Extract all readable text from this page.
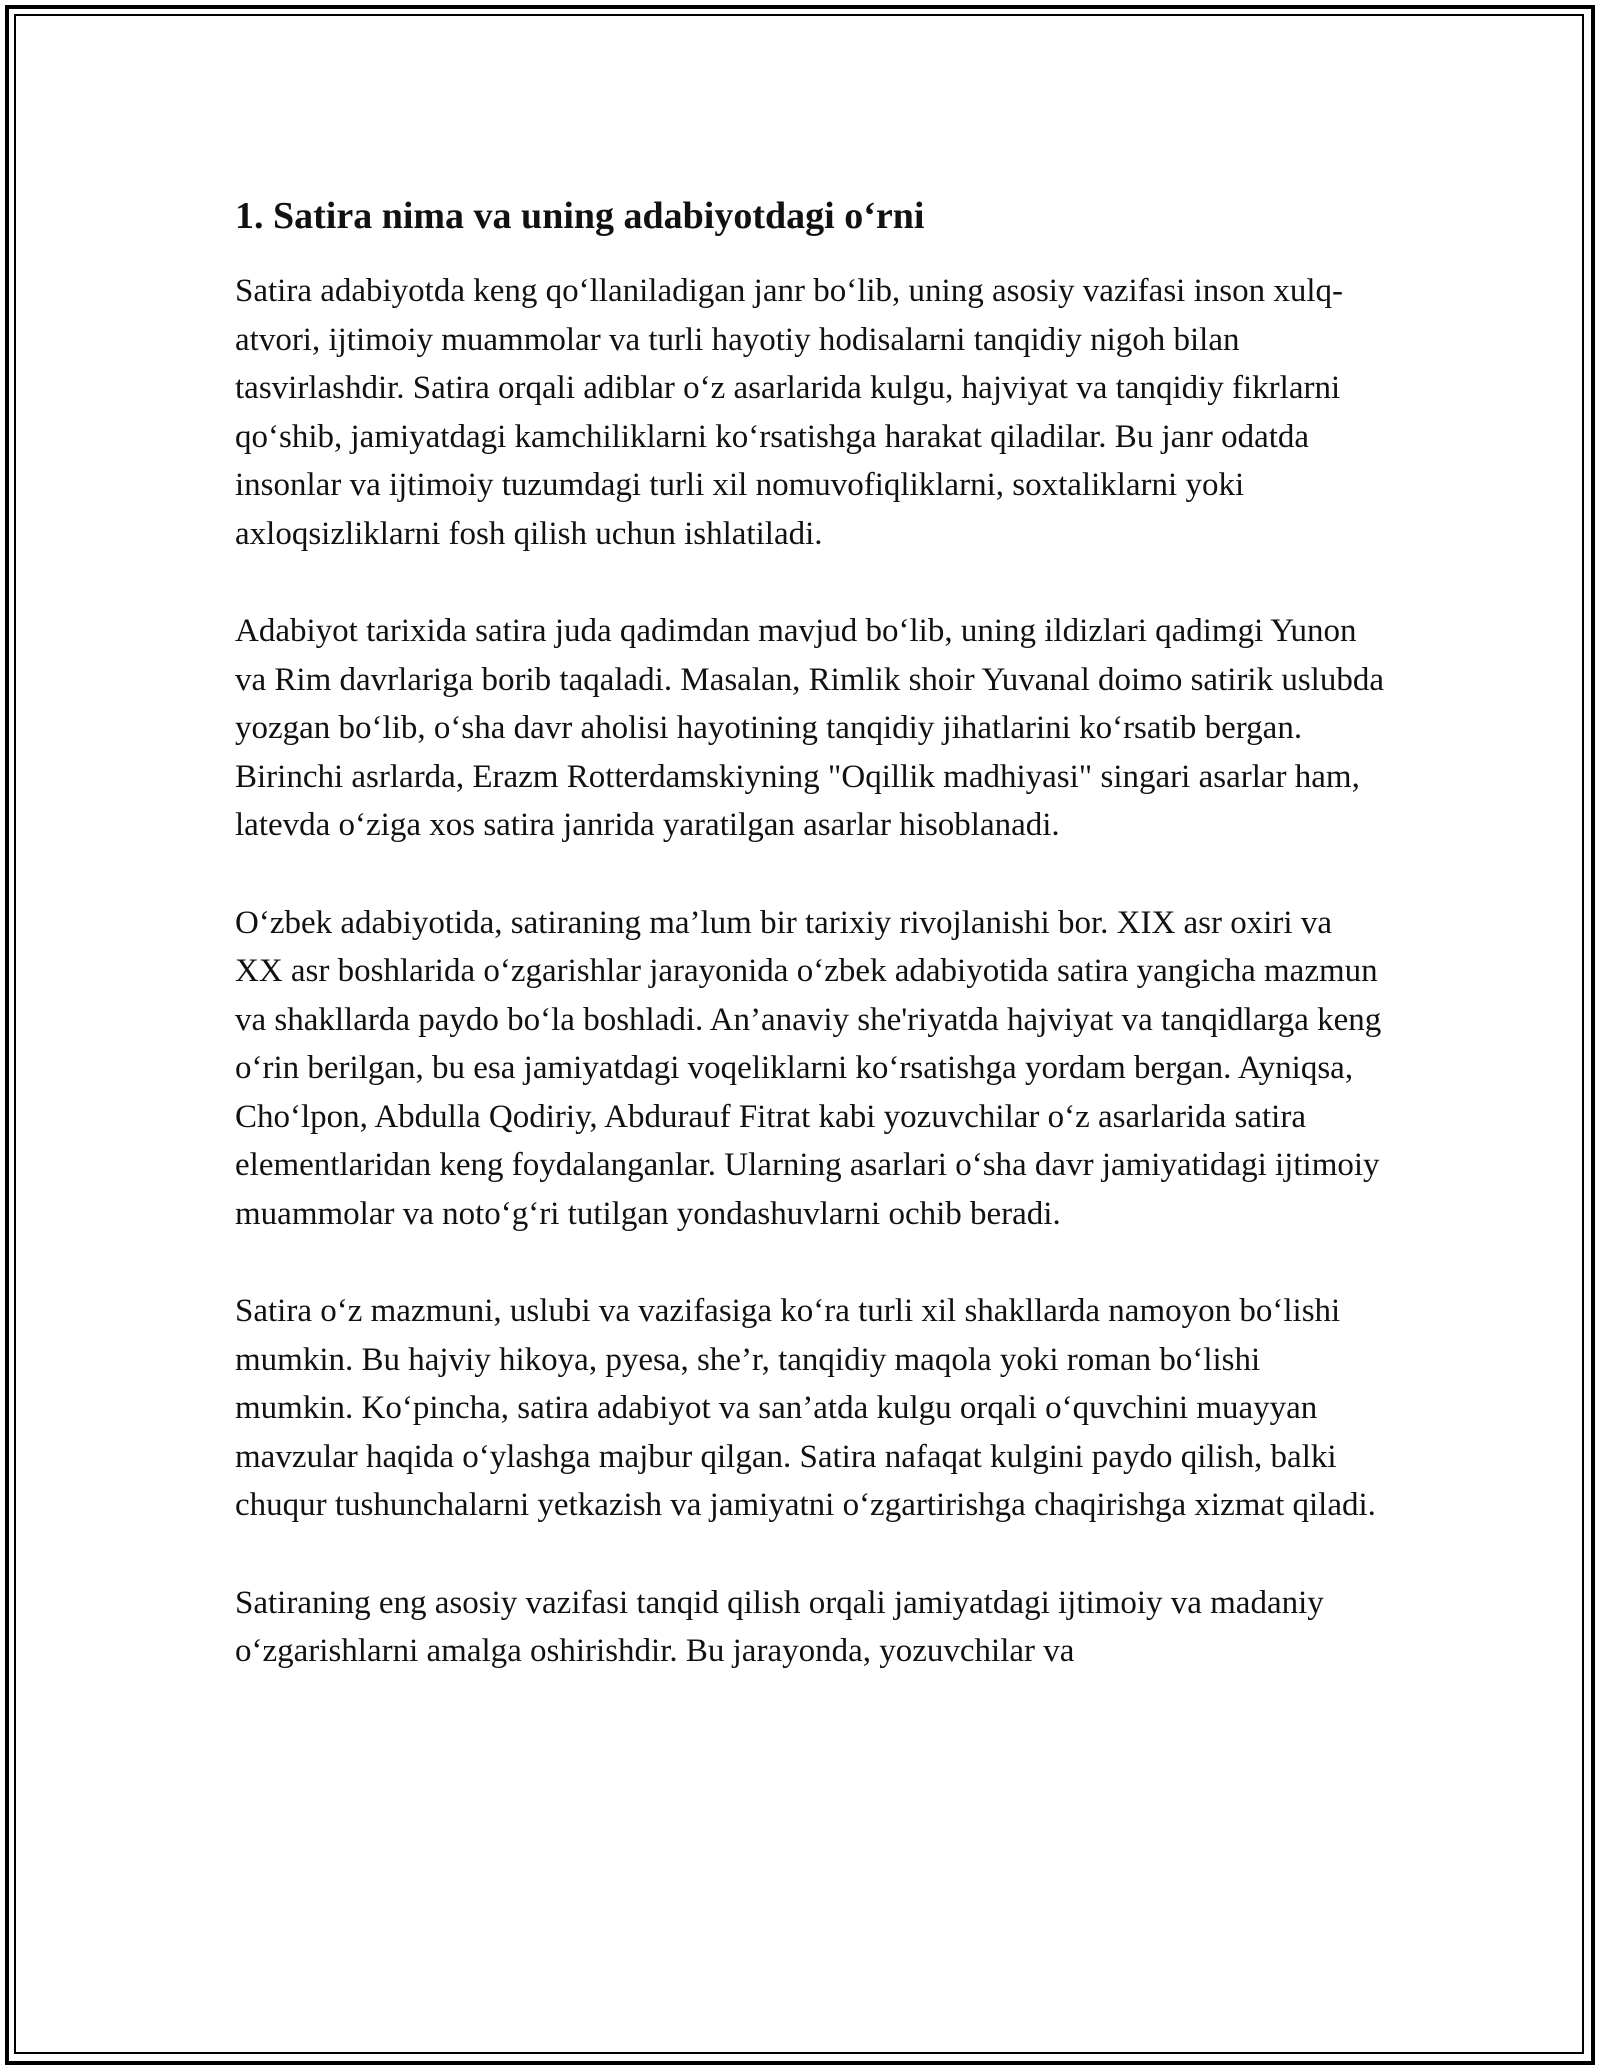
1. Satira nima va uning adabiyotdagi o‘rni

Satira adabiyotda keng qo‘llaniladigan janr bo‘lib, uning asosiy vazifasi inson xulq-atvori, ijtimoiy muammolar va turli hayotiy hodisalarni tanqidiy nigoh bilan tasvirlashdir. Satira orqali adiblar o‘z asarlarida kulgu, hajviyat va tanqidiy fikrlarni qo‘shib, jamiyatdagi kamchiliklarni ko‘rsatishga harakat qiladilar. Bu janr odatda insonlar va ijtimoiy tuzumdagi turli xil nomuvofiqliklarni, soxtaliklarni yoki axloqsizliklarni fosh qilish uchun ishlatiladi.

Adabiyot tarixida satira juda qadimdan mavjud bo‘lib, uning ildizlari qadimgi Yunon va Rim davrlariga borib taqaladi. Masalan, Rimlik shoir Yuvanal doimo satirik uslubda yozgan bo‘lib, o‘sha davr aholisi hayotining tanqidiy jihatlarini ko‘rsatib bergan. Birinchi asrlarda, Erazm Rotterdamskiyning "Oqillik madhiyasi" singari asarlar ham, latevda o‘ziga xos satira janrida yaratilgan asarlar hisoblanadi.

O‘zbek adabiyotida, satiraning ma’lum bir tarixiy rivojlanishi bor. XIX asr oxiri va XX asr boshlarida o‘zgarishlar jarayonida o‘zbek adabiyotida satira yangicha mazmun va shakllarda paydo bo‘la boshladi. An’anaviy she'riyatda hajviyat va tanqidlarga keng o‘rin berilgan, bu esa jamiyatdagi voqeliklarni ko‘rsatishga yordam bergan. Ayniqsa, Cho‘lpon, Abdulla Qodiriy, Abdurauf Fitrat kabi yozuvchilar o‘z asarlarida satira elementlaridan keng foydalanganlar. Ularning asarlari o‘sha davr jamiyatidagi ijtimoiy muammolar va noto‘g‘ri tutilgan yondashuvlarni ochib beradi.

Satira o‘z mazmuni, uslubi va vazifasiga ko‘ra turli xil shakllarda namoyon bo‘lishi mumkin. Bu hajviy hikoya, pyesa, she’r, tanqidiy maqola yoki roman bo‘lishi mumkin. Ko‘pincha, satira adabiyot va san’atda kulgu orqali o‘quvchini muayyan mavzular haqida o‘ylashga majbur qilgan. Satira nafaqat kulgini paydo qilish, balki chuqur tushunchalarni yetkazish va jamiyatni o‘zgartirishga chaqirishga xizmat qiladi.

Satiraning eng asosiy vazifasi tanqid qilish orqali jamiyatdagi ijtimoiy va madaniy o‘zgarishlarni amalga oshirishdir. Bu jarayonda, yozuvchilar va
